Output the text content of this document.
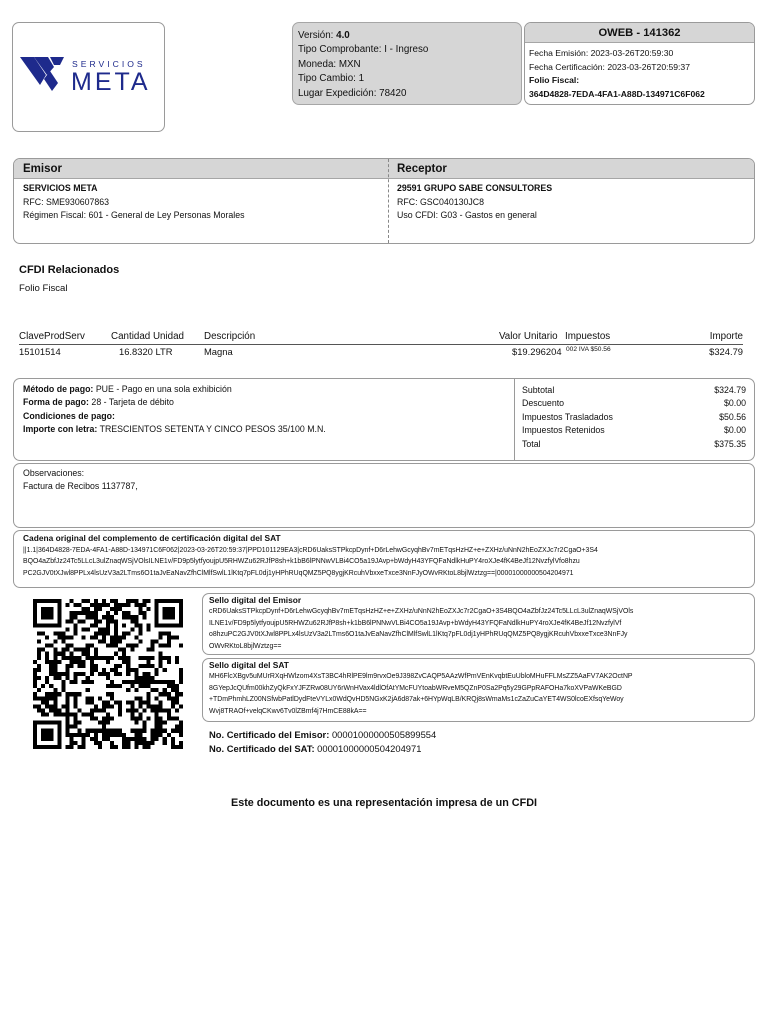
SERVICIOS
META
Versión: 4.0
Tipo Comprobante: I - Ingreso
Moneda: MXN
Tipo Cambio: 1
Lugar Expedición: 78420
OWEB - 141362
Fecha Emisión: 2023-03-26T20:59:30
Fecha Certificación: 2023-03-26T20:59:37
Folio Fiscal:
364D4828-7EDA-4FA1-A88D-134971C6F062
Emisor	Receptor
SERVICIOS META
RFC: SME930607863
Régimen Fiscal: 601 - General de Ley Personas Morales
29591 GRUPO SABE CONSULTORES
RFC: GSC040130JC8
Uso CFDI: G03 - Gastos en general
CFDI Relacionados
Folio Fiscal
ClaveProdServ	Cantidad Unidad Descripción	Valor Unitario Impuestos	Importe
15101514	16.8320 LTR	Magna	$19.296204 002 IVA $50.56	$324.79
Método de pago: PUE - Pago en una sola exhibición
Forma de pago: 28 - Tarjeta de débito
Condiciones de pago:
Importe con letra: TRESCIENTOS SETENTA Y CINCO PESOS 35/100 M.N.
Subtotal	$324.79
Descuento	$0.00
Impuestos Trasladados	$50.56
Impuestos Retenidos	$0.00
Total	$375.35
Observaciones:
Factura de Recibos 1137787,
Cadena original del complemento de certificación digital del SAT
||1.1|364D4828-7EDA-4FA1-A88D-134971C6F062|2023-03-26T20:59:37|PPD101129EA3|cRD6UaksSTPkcpDynf+D6rLehwGcyqhBv7mETqsHzHZ+e+ZXHz/uNnN2hEoZXJc7r2CgaO+3S4
BQO4aZbfJz24Tc5LLcL3ulZnaqWSjVOlsILNE1v/FD9p5lytfyoujpU5RHWZu62RJfP8sh+k1bB6lPNNwVLBi4CO5a19JAvp+bWdyH43YFQFaNdlkHuPY4roXJe4fK4BeJf12NvzfylVfo8hzu
PC2GJV0tXJwl8PPLx4lsUzV3a2LTms6O1taJvEaNavZfhClMlfSwlL1lKtq7pFL0dj1yHPhRUqQMZ5PQ8ygjKRcuhVbxxeTxce3NnFJyOWvRKtoL8bjlWztzg==|00001000000504204971
Sello digital del Emisor
cRD6UaksSTPkcpDynf+D6rLehwGcyqhBv7mETqsHzHZ+e+ZXHz/uNnN2hEoZXJc7r2CgaO+3S4BQO4aZbfJz24Tc5LLcL3ulZnaqWSjVOls
ILNE1v/FD9p5lytfyoujpU5RHWZu62RJfP8sh+k1bB6lPNNwVLBi4CO5a19JAvp+bWdyH43YFQFaNdlkHuPY4roXJe4fK4BeJf12NvzfylVf
o8hzuPC2GJV0tXJwl8PPLx4lsUzV3a2LTms6O1taJvEaNavZfhClMlfSwlL1lKtq7pFL0dj1yHPhRUqQMZ5PQ8ygjKRcuhVbxxeTxce3NnFJy
OWvRKtoL8bjlWztzg==
Sello digital del SAT
MH6FlcXBgv5uMUrRXqHWlzom4XsT3BC4hRlPE9lm9rvxOe9J398ZvCAQP5AAzWfPmVEnKvqbtEuUbloMHuFFLMsZZ5AaFV7AK2OctNP
8GYepJcQUfm00khZyQkFxYJFZRw08UY6rWnHVax4ldlOfAtYMcFUYtoabWRveM5QZnP0Sa2Pq5y29GPpRAFOHa7koXVPaWKeBGD
+TDmPhmhLZ00NSfwbPatlDydFteVYLx0WdQvHD5NGxK2jA6d87ak+6HYpWqLB/KRQj8sWmaMs1cZaZuCaYET4WS0lcoEXfsqYeWoy
Wvj8TRAOf+velqCKwv6Tv0lZBmf4j7HmCE88kA==
No. Certificado del Emisor: 00001000000505899554
No. Certificado del SAT: 00001000000504204971
Este documento es una representación impresa de un CFDI
